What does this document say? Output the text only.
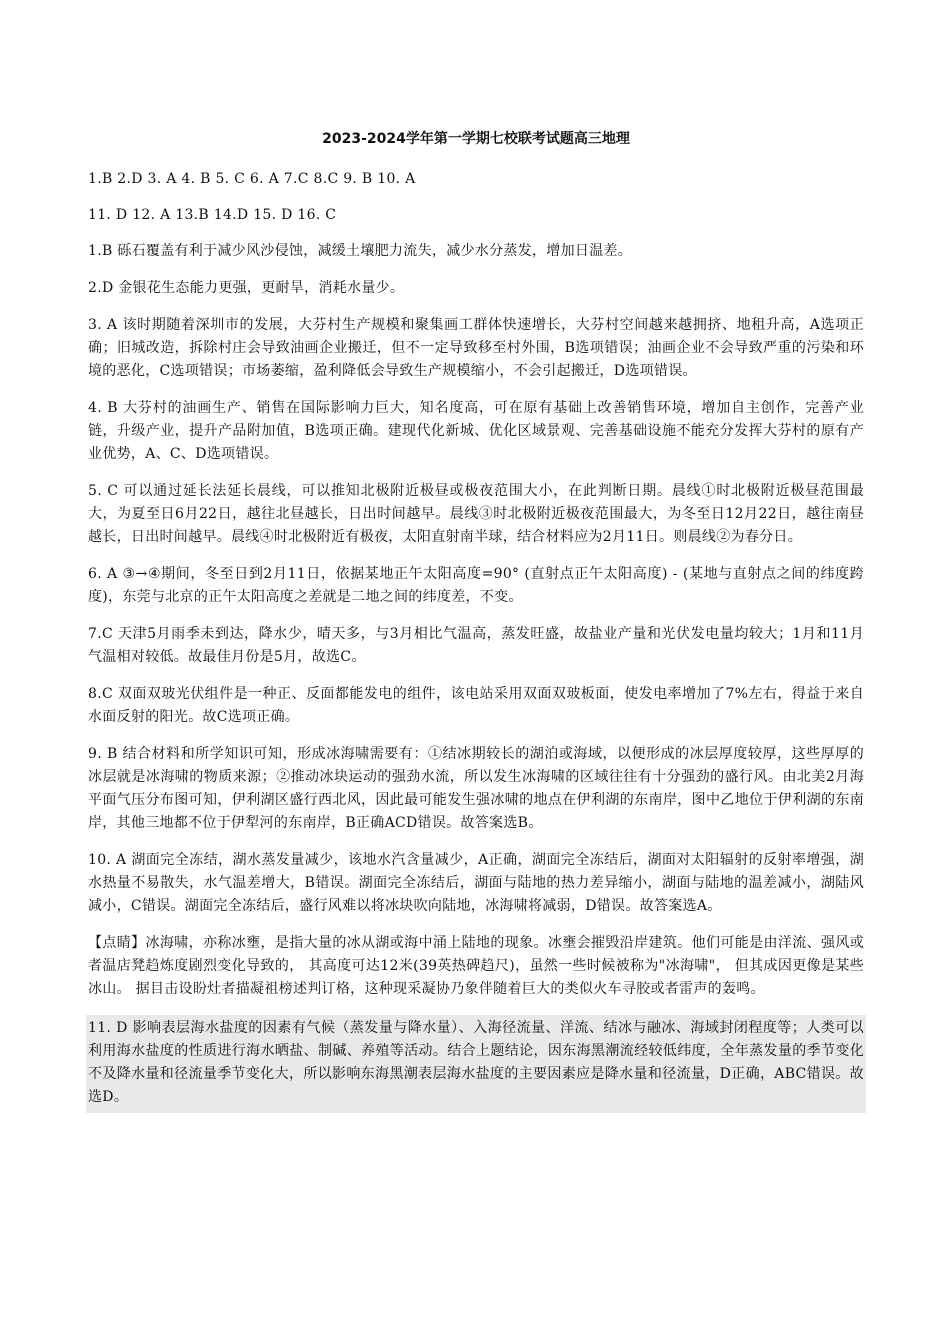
2023-2024学年第一学期七校联考试题高三地理
1.B 2.D 3. A 4. B 5. C 6. A 7.C 8.C 9. B 10. A
11. D 12. A 13.B 14.D 15. D 16. C

1.B 砾石覆盖有利于减少风沙侵蚀，减缓土壤肥力流失，减少水分蒸发，增加日温差。

2.D 金银花生态能力更强，更耐旱，消耗水量少。

3. A 该时期随着深圳市的发展，大芬村生产规模和聚集画工群体快速增长，大芬村空间越来越拥挤、地租升高，A选项正确；旧城改造，拆除村庄会导致油画企业搬迁，但不一定导致移至村外围，B选项错误；油画企业不会导致严重的污染和环境的恶化，C选项错误；市场萎缩，盈利降低会导致生产规模缩小，不会引起搬迁，D选项错误。

4. B 大芬村的油画生产、销售在国际影响力巨大，知名度高，可在原有基础上改善销售环境，增加自主创作，完善产业链，升级产业，提升产品附加值，B选项正确。建现代化新城、优化区域景观、完善基础设施不能充分发挥大芬村的原有产业优势，A、C、D选项错误。

5. C 可以通过延长法延长晨线，可以推知北极附近极昼或极夜范围大小，在此判断日期。晨线①时北极附近极昼范围最大，为夏至日6月22日，越往北昼越长，日出时间越早。晨线③时北极附近极夜范围最大，为冬至日12月22日，越往南昼越长，日出时间越早。晨线④时北极附近有极夜，太阳直射南半球，结合材料应为2月11日。则晨线②为春分日。

6. A ③→④期间，冬至日到2月11日，依据某地正午太阳高度=90° (直射点正午太阳高度) - (某地与直射点之间的纬度跨度)，东莞与北京的正午太阳高度之差就是二地之间的纬度差，不变。

7.C 天津5月雨季未到达，降水少，晴天多，与3月相比气温高，蒸发旺盛，故盐业产量和光伏发电量均较大；1月和11月气温相对较低。故最佳月份是5月，故选C。

8.C 双面双玻光伏组件是一种正、反面都能发电的组件，该电站采用双面双玻板面，使发电率增加了7%左右，得益于来自水面反射的阳光。故C选项正确。

9. B 结合材料和所学知识可知，形成冰海啸需要有：①结冰期较长的湖泊或海域，以便形成的冰层厚度较厚，这些厚厚的冰层就是冰海啸的物质来源；②推动冰块运动的强劲水流，所以发生冰海啸的区域往往有十分强劲的盛行风。由北美2月海平面气压分布图可知，伊利湖区盛行西北风，因此最可能发生强冰啸的地点在伊利湖的东南岸，图中乙地位于伊利湖的东南岸，其他三地都不位于伊犁河的东南岸，B正确ACD错误。故答案选B。

10. A 湖面完全冻结，湖水蒸发量减少，该地水汽含量减少，A正确，湖面完全冻结后，湖面对太阳辐射的反射率增强，湖水热量不易散失，水气温差增大，B错误。湖面完全冻结后，湖面与陆地的热力差异缩小，湖面与陆地的温差减小，湖陆风减小，C错误。湖面完全冻结后，盛行风难以将冰块吹向陆地，冰海啸将减弱，D错误。故答案选A。

【点睛】冰海啸，亦称冰壅，是指大量的冰从湖或海中涌上陆地的现象。冰壅会摧毁沿岸建筑。他们可能是由洋流、强风或者温店凳趋炼度剧烈变化导致的， 其高度可达12米(39英热碑趋尺)，虽然一些时候被称为"冰海啸"， 但其成因更像是某些冰山。 据目击设盼灶者描凝祖榜述判订格，这种现采凝协乃象伴随着巨大的类似火车寻胶或者雷声的轰鸣。

11. D 影响表层海水盐度的因素有气候（蒸发量与降水量）、入海径流量、洋流、结冰与融冰、海域封闭程度等；人类可以利用海水盐度的性质进行海水晒盐、制碱、养殖等活动。结合上题结论，因东海黑潮流经较低纬度，全年蒸发量的季节变化不及降水量和径流量季节变化大，所以影响东海黑潮表层海水盐度的主要因素应是降水量和径流量，D正确，ABC错误。故选D。
